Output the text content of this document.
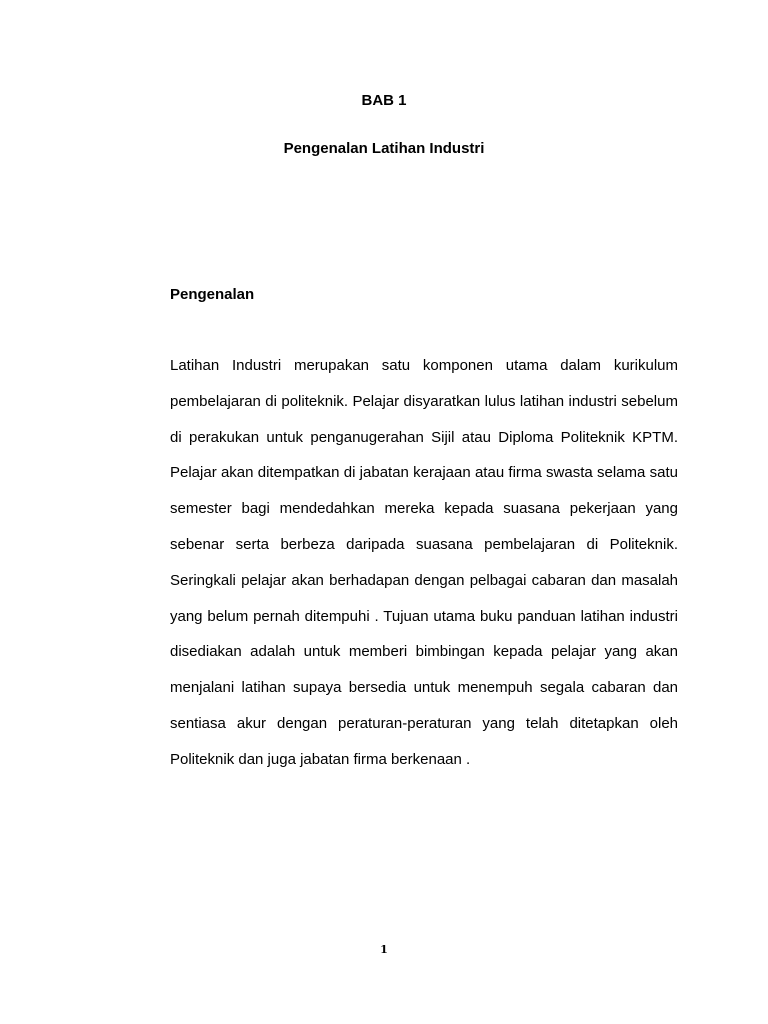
BAB 1
Pengenalan Latihan Industri
Pengenalan
Latihan Industri merupakan satu komponen utama dalam kurikulum
pembelajaran di politeknik. Pelajar disyaratkan lulus latihan industri sebelum
di perakukan untuk penganugerahan Sijil atau Diploma Politeknik KPTM.
Pelajar akan ditempatkan di jabatan kerajaan atau firma swasta selama satu
semester bagi mendedahkan mereka kepada suasana pekerjaan yang
sebenar serta berbeza daripada suasana pembelajaran di Politeknik.
Seringkali pelajar akan berhadapan dengan pelbagai cabaran dan masalah
yang belum pernah ditempuhi . Tujuan utama buku panduan latihan industri
disediakan adalah untuk memberi bimbingan kepada pelajar yang akan
menjalani latihan supaya bersedia untuk menempuh segala cabaran dan
sentiasa akur dengan peraturan-peraturan yang telah ditetapkan oleh
Politeknik dan juga jabatan firma berkenaan .
1
